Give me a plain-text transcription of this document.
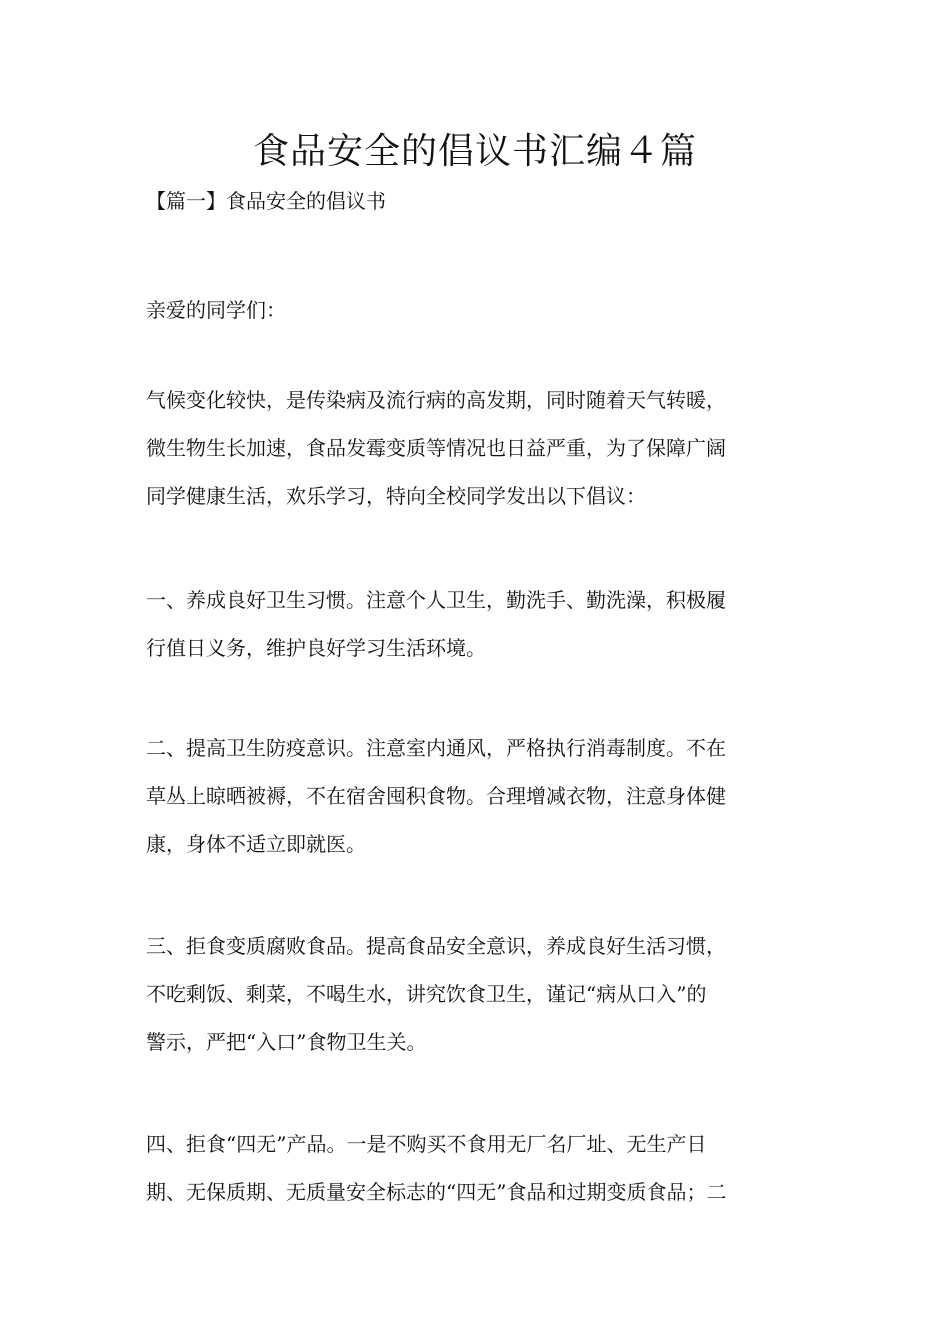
食品安全的倡议书汇编４篇

【篇一】食品安全的倡议书

亲爱的同学们：

气候变化较快，是传染病及流行病的高发期，同时随着天气转暖，
微生物生长加速，食品发霉变质等情况也日益严重，为了保障广阔
同学健康生活，欢乐学习，特向全校同学发出以下倡议：

一、养成良好卫生习惯。注意个人卫生，勤洗手、勤洗澡，积极履
行值日义务，维护良好学习生活环境。

二、提高卫生防疫意识。注意室内通风，严格执行消毒制度。不在
草丛上晾晒被褥，不在宿舍囤积食物。合理增减衣物，注意身体健
康，身体不适立即就医。

三、拒食变质腐败食品。提高食品安全意识，养成良好生活习惯，
不吃剩饭、剩菜，不喝生水，讲究饮食卫生，谨记“病从口入”的
警示，严把“入口”食物卫生关。

四、拒食“四无”产品。一是不购买不食用无厂名厂址、无生产日
期、无保质期、无质量安全标志的“四无”食品和过期变质食品；二
